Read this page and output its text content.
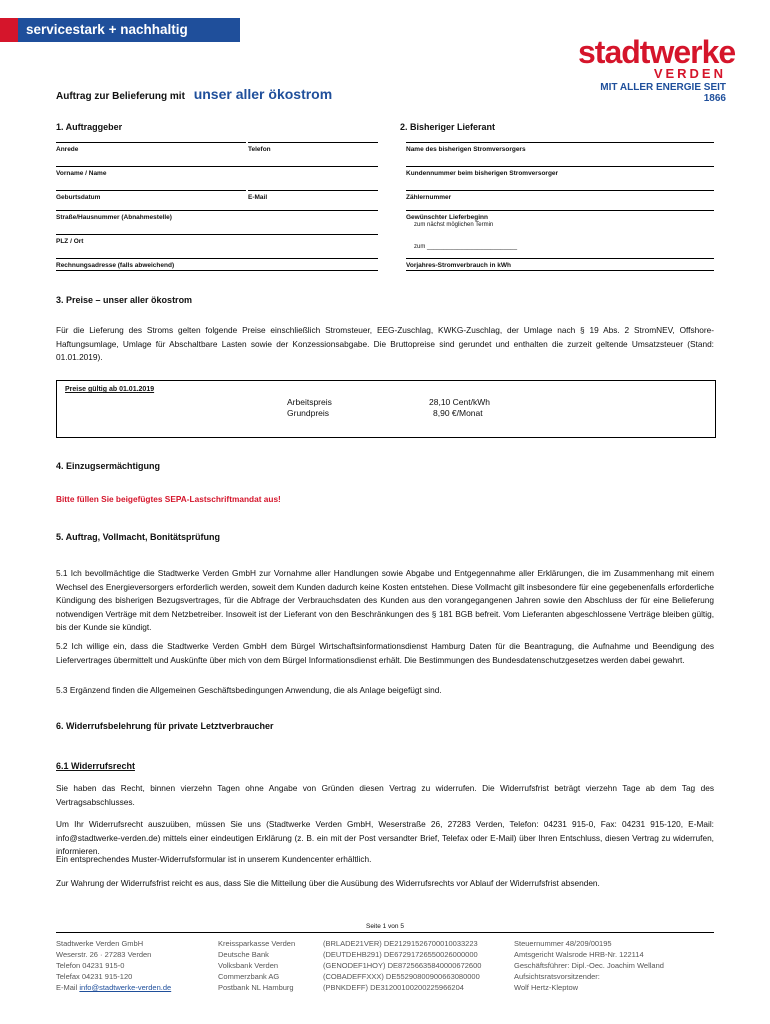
servicestark + nachhaltig
stadtwerke
VERDEN
MIT ALLER ENERGIE SEIT 1866
Auftrag zur Belieferung mit unser aller ökostrom
1. Auftraggeber	2. Bisheriger Lieferant
Anrede	Telefon
Vorname / Name
Geburtsdatum	E-Mail
Straße/Hausnummer (Abnahmestelle)
PLZ / Ort
Rechnungsadresse (falls abweichend)
Name des bisherigen Stromversorgers
Kundennummer beim bisherigen Stromversorger
Zählernummer
Gewünschter Lieferbeginn
zum nächst möglichen Termin
zum ___________________________
Vorjahres-Stromverbrauch in kWh
3. Preise – unser aller ökostrom
Für die Lieferung des Stroms gelten folgende Preise einschließlich Stromsteuer, EEG-Zuschlag, KWKG-Zuschlag, der Umlage nach § 19 Abs. 2 StromNEV, Offshore-Haftungsumlage, Umlage für Abschaltbare Lasten sowie der Konzessionsabgabe. Die Bruttopreise sind gerundet und enthalten die zurzeit geltende Umsatzsteuer (Stand: 01.01.2019).
Preise gültig ab 01.01.2019
Arbeitspreis	28,10 Cent/kWh
Grundpreis	8,90 €/Monat
4. Einzugsermächtigung
Bitte füllen Sie beigefügtes SEPA-Lastschriftmandat aus!
5. Auftrag, Vollmacht, Bonitätsprüfung
5.1 Ich bevollmächtige die Stadtwerke Verden GmbH zur Vornahme aller Handlungen sowie Abgabe und Entgegennahme aller Erklärungen, die im Zusammenhang mit einem Wechsel des Energieversorgers erforderlich werden, soweit dem Kunden dadurch keine Kosten entstehen. Diese Vollmacht gilt insbesondere für eine gegebenenfalls erforderliche Kündigung des bisherigen Bezugsvertrages, für die Abfrage der Verbrauchsdaten des Kunden aus den vorangegangenen Jahren sowie den Abschluss der für eine Belieferung notwendigen Verträge mit dem Netzbetreiber. Insoweit ist der Lieferant von den Beschränkungen des § 181 BGB befreit. Vom Lieferanten abgeschlossene Verträge bleiben gültig, bis der Kunde sie kündigt.
5.2 Ich willige ein, dass die Stadtwerke Verden GmbH dem Bürgel Wirtschaftsinformationsdienst Hamburg Daten für die Beantragung, die Aufnahme und Beendigung des Liefervertrages übermittelt und Auskünfte über mich von dem Bürgel Informationsdienst erhält. Die Bestimmungen des Bundesdatenschutzgesetzes werden dabei gewahrt.
5.3 Ergänzend finden die Allgemeinen Geschäftsbedingungen Anwendung, die als Anlage beigefügt sind.
6. Widerrufsbelehrung für private Letztverbraucher
6.1 Widerrufsrecht
Sie haben das Recht, binnen vierzehn Tagen ohne Angabe von Gründen diesen Vertrag zu widerrufen. Die Widerrufsfrist beträgt vierzehn Tage ab dem Tag des Vertragsabschlusses.
Um Ihr Widerrufsrecht auszuüben, müssen Sie uns (Stadtwerke Verden GmbH, Weserstraße 26, 27283 Verden, Telefon: 04231 915-0, Fax: 04231 915-120, E-Mail: info@stadtwerke-verden.de) mittels einer eindeutigen Erklärung (z. B. ein mit der Post versandter Brief, Telefax oder E-Mail) über Ihren Entschluss, diesen Vertrag zu widerrufen, informieren.
Ein entsprechendes Muster-Widerrufsformular ist in unserem Kundencenter erhältlich.
Zur Wahrung der Widerrufsfrist reicht es aus, dass Sie die Mitteilung über die Ausübung des Widerrufsrechts vor Ablauf der Widerrufsfrist absenden.
Seite 1 von 5
Stadtwerke Verden GmbH
Weserstr. 26 · 27283 Verden
Telefon 04231 915-0
Telefax 04231 915-120
E-Mail info@stadtwerke-verden.de
Kreissparkasse Verden
Deutsche Bank
Volksbank Verden
Commerzbank AG
Postbank NL Hamburg
(BRLADE21VER) DE21291526700010033223
(DEUTDEHB291) DE67291726550026000000
(GENODEF1HOY) DE87256635840000672600
(COBADEFFXXX) DE55290800900663080000
(PBNKDEFF) DE31200100200225966204
Steuernummer 48/209/00195
Amtsgericht Walsrode HRB-Nr. 122114
Geschäftsführer: Dipl.-Oec. Joachim Welland
Aufsichtsratsvorsitzender:
Wolf Hertz-Kleptow
